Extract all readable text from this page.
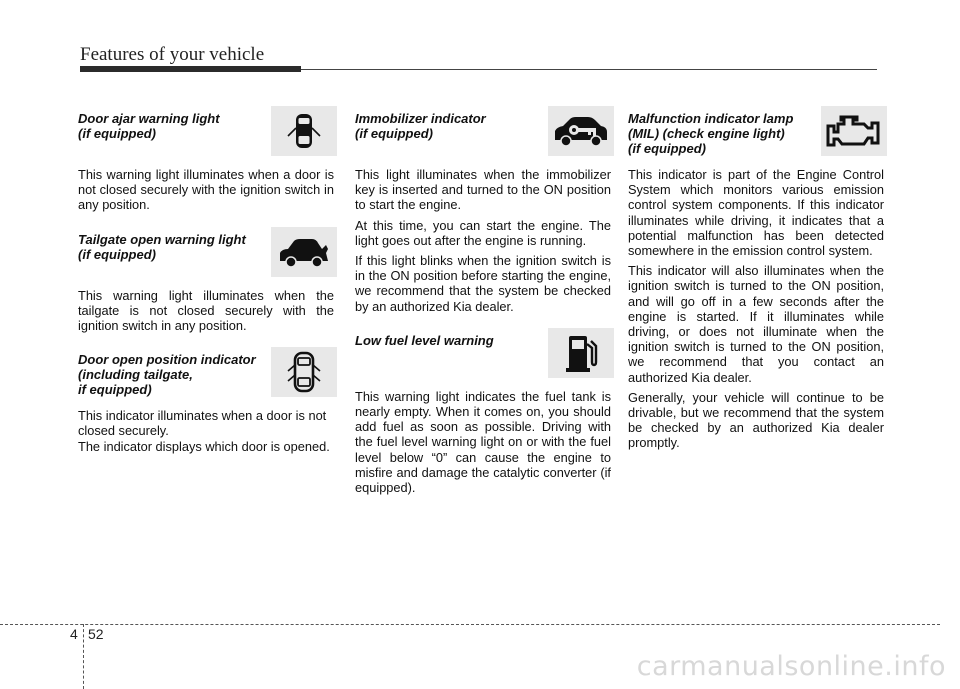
Features of your vehicle
Door ajar warning light
(if equipped)

This warning light illuminates when a door is not closed securely with the ignition switch in any position.

Tailgate open warning light
(if equipped)

This warning light illuminates when the tailgate is not closed securely with the ignition switch in any position.

Door open position indicator
(including tailgate,
if equipped)

This indicator illuminates when a door is not closed securely.

The indicator displays which door is opened.

Immobilizer indicator
(if equipped)

This light illuminates when the immobilizer key is inserted and turned to the ON position to start the engine.

At this time, you can start the engine. The light goes out after the engine is running.

If this light blinks when the ignition switch is in the ON position before starting the engine, we recommend that the system be checked by an authorized Kia dealer.

Low fuel level warning

This warning light indicates the fuel tank is nearly empty. When it comes on, you should add fuel as soon as possible. Driving with the fuel level warning light on or with the fuel level below “0” can cause the engine to misfire and damage the catalytic converter (if equipped).

Malfunction indicator lamp
(MIL) (check engine light)
(if equipped)

This indicator is part of the Engine Control System which monitors various emission control system components. If this indicator illuminates while driving, it indicates that a potential malfunction has been detected somewhere in the emission control system.

This indicator will also illuminates when the ignition switch is turned to the ON position, and will go off in a few seconds after the engine is started. If it illuminates while driving, or does not illuminate when the ignition switch is turned to the ON position, we recommend that you contact an authorized Kia dealer.

Generally, your vehicle will continue to be drivable, but we recommend that the system be checked by an authorized Kia dealer promptly.

4 52
carmanualsonline.info
